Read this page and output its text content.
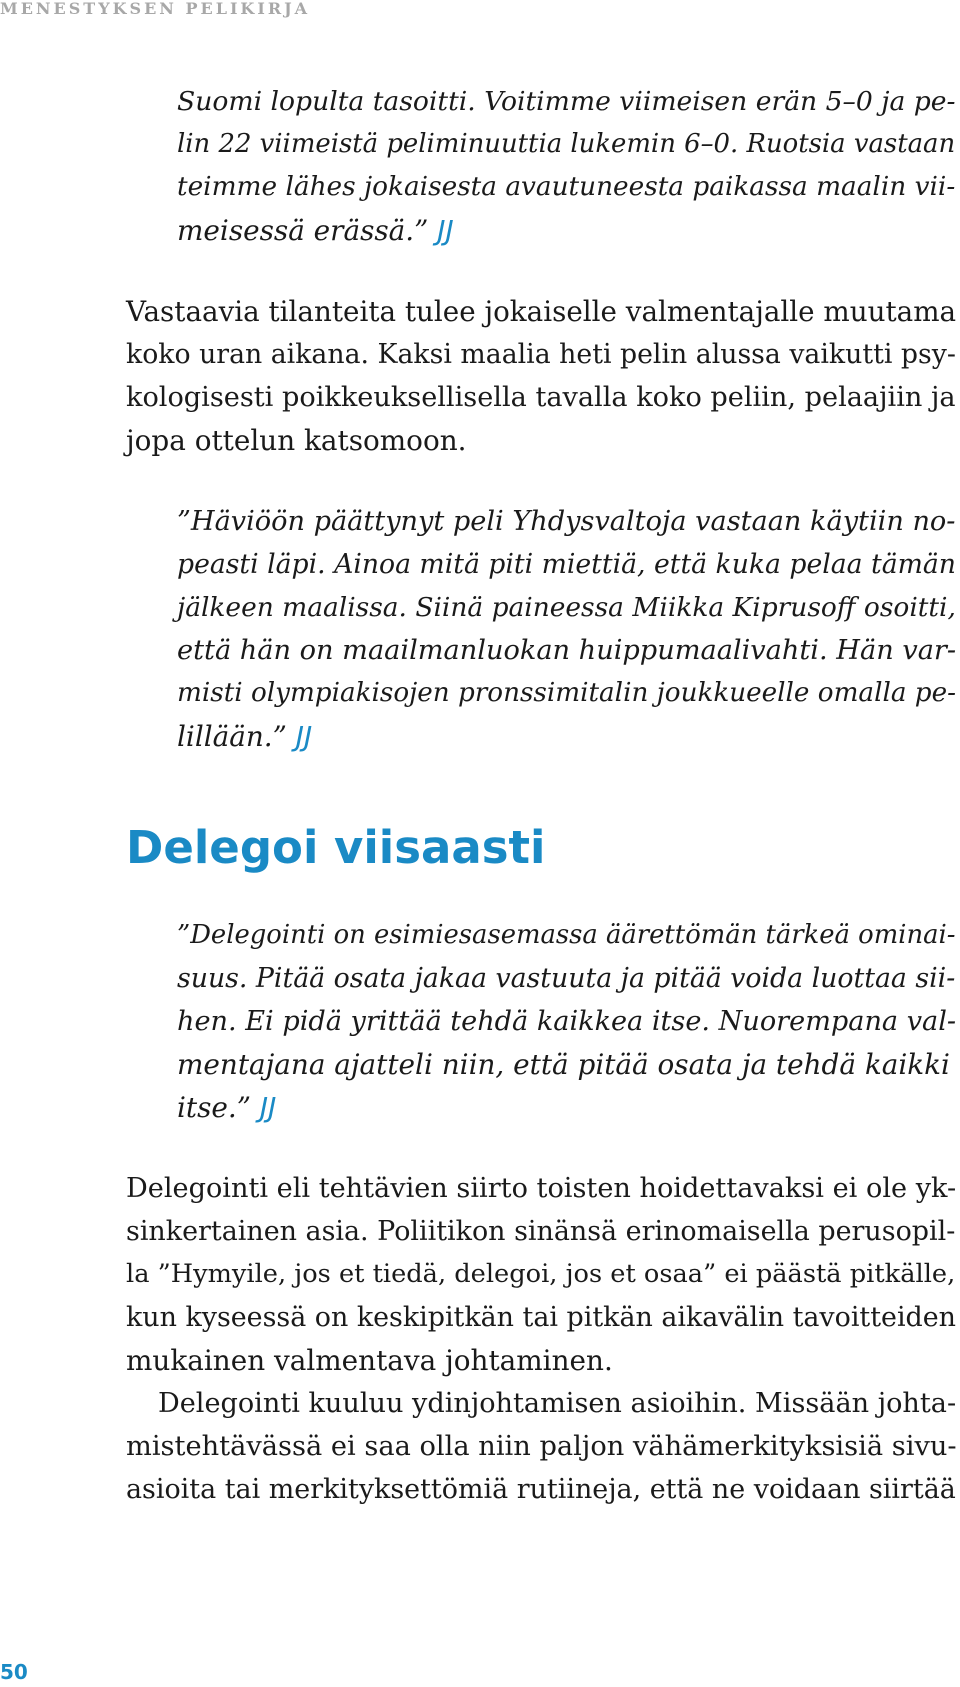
MENESTYKSEN PELIKIRJA
Suomi lopulta tasoitti. Voitimme viimeisen erän 5–0 ja pe-
lin 22 viimeistä peliminuuttia lukemin 6–0. Ruotsia vastaan
teimme lähes jokaisesta avautuneesta paikassa maalin vii-
meisessä erässä.” JJ
Vastaavia tilanteita tulee jokaiselle valmentajalle muutama
koko uran aikana. Kaksi maalia heti pelin alussa vaikutti psy-
kologisesti poikkeuksellisella tavalla koko peliin, pelaajiin ja
jopa ottelun katsomoon.
”Häviöön päättynyt peli Yhdysvaltoja vastaan käytiin no-
peasti läpi. Ainoa mitä piti miettiä, että kuka pelaa tämän
jälkeen maalissa. Siinä paineessa Miikka Kiprusoff osoitti,
että hän on maailmanluokan huippumaalivahti. Hän var-
misti olympiakisojen pronssimitalin joukkueelle omalla pe-
lillään.” JJ
Delegoi viisaasti
”Delegointi on esimiesasemassa äärettömän tärkeä ominai-
suus. Pitää osata jakaa vastuuta ja pitää voida luottaa sii-
hen. Ei pidä yrittää tehdä kaikkea itse. Nuorempana val-
mentajana ajatteli niin, että pitää osata ja tehdä kaikki
itse.” JJ
Delegointi eli tehtävien siirto toisten hoidettavaksi ei ole yk-
sinkertainen asia. Poliitikon sinänsä erinomaisella perusopil-
la ”Hymyile, jos et tiedä, delegoi, jos et osaa” ei päästä pitkälle,
kun kyseessä on keskipitkän tai pitkän aikavälin tavoitteiden
mukainen valmentava johtaminen.
Delegointi kuuluu ydinjohtamisen asioihin. Missään johta-
mistehtävässä ei saa olla niin paljon vähämerkityksisiä sivu-
asioita tai merkityksettömiä rutiineja, että ne voidaan siirtää
50
